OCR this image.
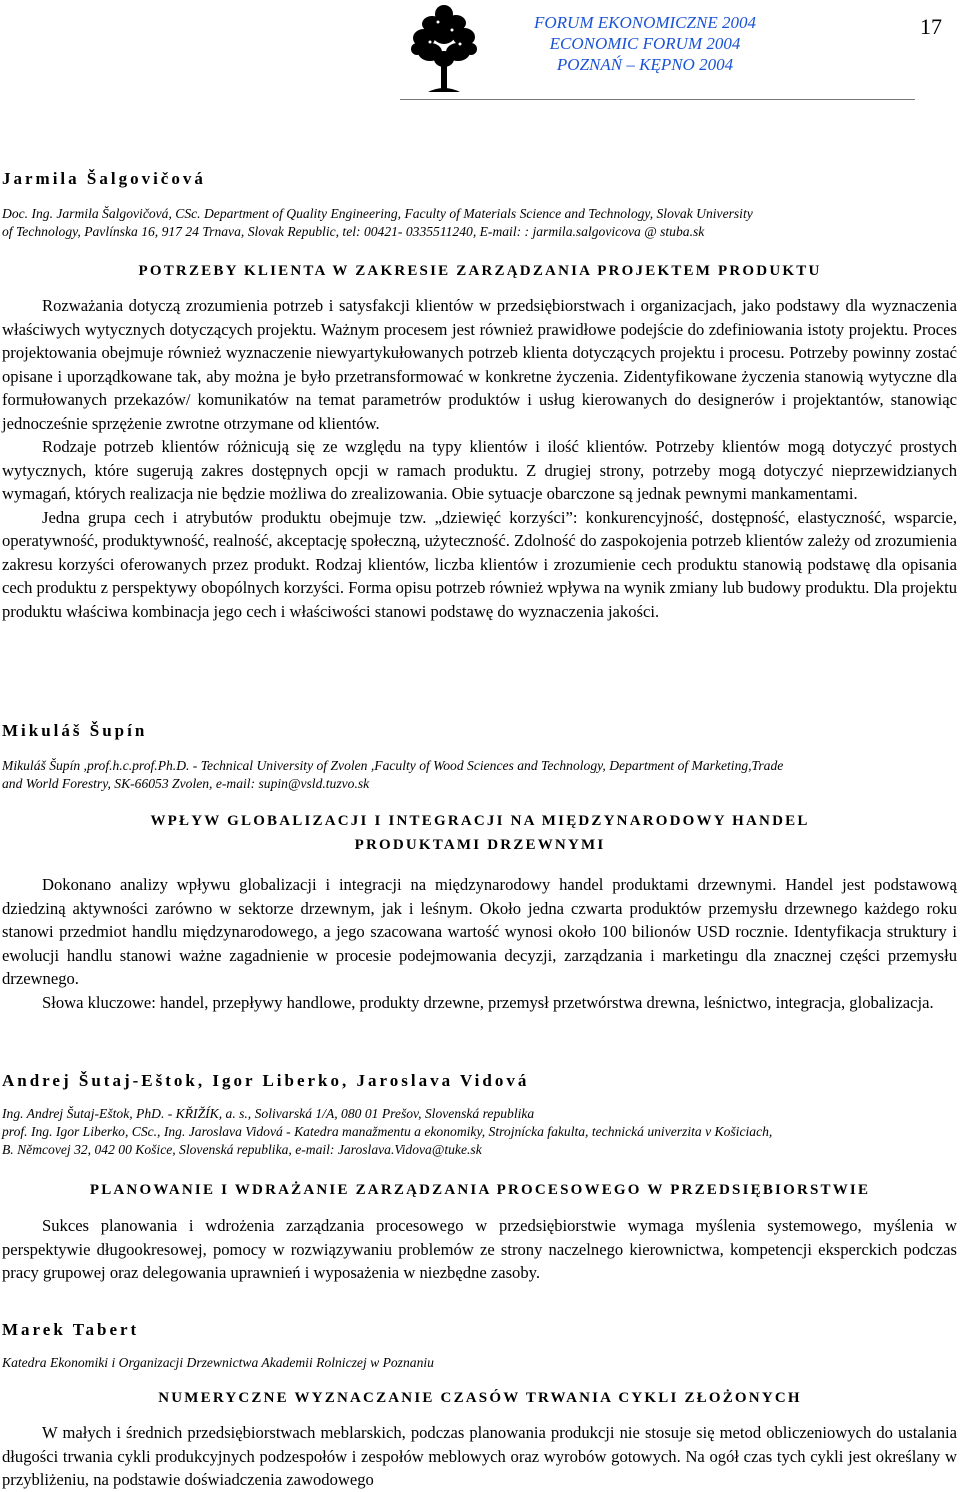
FORUM EKONOMICZNE 2004
ECONOMIC FORUM 2004
POZNAŃ – KĘPNO 2004
17
Jarmila Šalgovičová
Doc. Ing. Jarmila Šalgovičová, CSc. Department of Quality Engineering, Faculty of Materials Science and Technology, Slovak University
of Technology, Pavlínska 16, 917 24 Trnava, Slovak Republic, tel: 00421- 0335511240, E-mail: : jarmila.salgovicova @ stuba.sk
POTRZEBY KLIENTA W ZAKRESIE ZARZĄDZANIA PROJEKTEM PRODUKTU

Rozważania dotyczą zrozumienia potrzeb i satysfakcji klientów w przedsiębiorstwach i organizacjach, jako podstawy dla wyznaczenia właściwych wytycznych dotyczących projektu. Ważnym procesem jest również prawidłowe podejście do zdefiniowania istoty projektu. Proces projektowania obejmuje również wyznaczenie niewyartykułowanych potrzeb klienta dotyczących projektu i procesu. Potrzeby powinny zostać opisane i uporządkowane tak, aby można je było przetransformować w konkretne życzenia. Zidentyfikowane życzenia stanowią wytyczne dla formułowanych przekazów/ komunikatów na temat parametrów produktów i usług kierowanych do designerów i projektantów, stanowiąc jednocześnie sprzężenie zwrotne otrzymane od klientów.

Rodzaje potrzeb klientów różnicują się ze względu na typy klientów i ilość klientów. Potrzeby klientów mogą dotyczyć prostych wytycznych, które sugerują zakres dostępnych opcji w ramach produktu. Z drugiej strony, potrzeby mogą dotyczyć nieprzewidzianych wymagań, których realizacja nie będzie możliwa do zrealizowania. Obie sytuacje obarczone są jednak pewnymi mankamentami.

Jedna grupa cech i atrybutów produktu obejmuje tzw. „dziewięć korzyści”: konkurencyjność, dostępność, elastyczność, wsparcie, operatywność, produktywność, realność, akceptację społeczną, użyteczność. Zdolność do zaspokojenia potrzeb klientów zależy od zrozumienia zakresu korzyści oferowanych przez produkt. Rodzaj klientów, liczba klientów i zrozumienie cech produktu stanowią podstawę dla opisania cech produktu z perspektywy obopólnych korzyści. Forma opisu potrzeb również wpływa na wynik zmiany lub budowy produktu. Dla projektu produktu właściwa kombinacja jego cech i właściwości stanowi podstawę do wyznaczenia jakości.

Mikuláš Šupín
Mikuláš Šupín ,prof.h.c.prof.Ph.D. - Technical University of Zvolen ,Faculty of Wood Sciences and Technology, Department of Marketing,Trade
and World Forestry, SK-66053 Zvolen, e-mail: supin@vsld.tuzvo.sk
WPŁYW GLOBALIZACJI I INTEGRACJI NA MIĘDZYNARODOWY HANDEL
PRODUKTAMI DRZEWNYMI

Dokonano analizy wpływu globalizacji i integracji na międzynarodowy handel produktami drzewnymi. Handel jest podstawową dziedziną aktywności zarówno w sektorze drzewnym, jak i leśnym. Około jedna czwarta produktów przemysłu drzewnego każdego roku stanowi przedmiot handlu międzynarodowego, a jego szacowana wartość wynosi około 100 bilionów USD rocznie. Identyfikacja struktury i ewolucji handlu stanowi ważne zagadnienie w procesie podejmowania decyzji, zarządzania i marketingu dla znacznej części przemysłu drzewnego.

Słowa kluczowe: handel, przepływy handlowe, produkty drzewne, przemysł przetwórstwa drewna, leśnictwo, integracja, globalizacja.

Andrej Šutaj-Eštok, Igor Liberko, Jaroslava Vidová
Ing. Andrej Šutaj-Eštok, PhD. - KŘIŽÍK, a. s., Solivarská 1/A, 080 01 Prešov, Slovenská republika
prof. Ing. Igor Liberko, CSc., Ing. Jaroslava Vidová - Katedra manažmentu a ekonomiky, Strojnícka fakulta, technická univerzita v Košiciach,
B. Němcovej 32, 042 00 Košice, Slovenská republika, e-mail: Jaroslava.Vidova@tuke.sk
PLANOWANIE I WDRAŻANIE ZARZĄDZANIA PROCESOWEGO W PRZEDSIĘBIORSTWIE

Sukces planowania i wdrożenia zarządzania procesowego w przedsiębiorstwie wymaga myślenia systemowego, myślenia w perspektywie długookresowej, pomocy w rozwiązywaniu problemów ze strony naczelnego kierownictwa, kompetencji eksperckich podczas pracy grupowej oraz delegowania uprawnień i wyposażenia w niezbędne zasoby.

Marek Tabert
Katedra Ekonomiki i Organizacji Drzewnictwa Akademii Rolniczej w Poznaniu
NUMERYCZNE WYZNACZANIE CZASÓW TRWANIA CYKLI ZŁOŻONYCH

W małych i średnich przedsiębiorstwach meblarskich, podczas planowania produkcji nie stosuje się metod obliczeniowych do ustalania długości trwania cykli produkcyjnych podzespołów i zespołów meblowych oraz wyrobów gotowych. Na ogół czas tych cykli jest określany w przybliżeniu, na podstawie doświadczenia zawodowego
